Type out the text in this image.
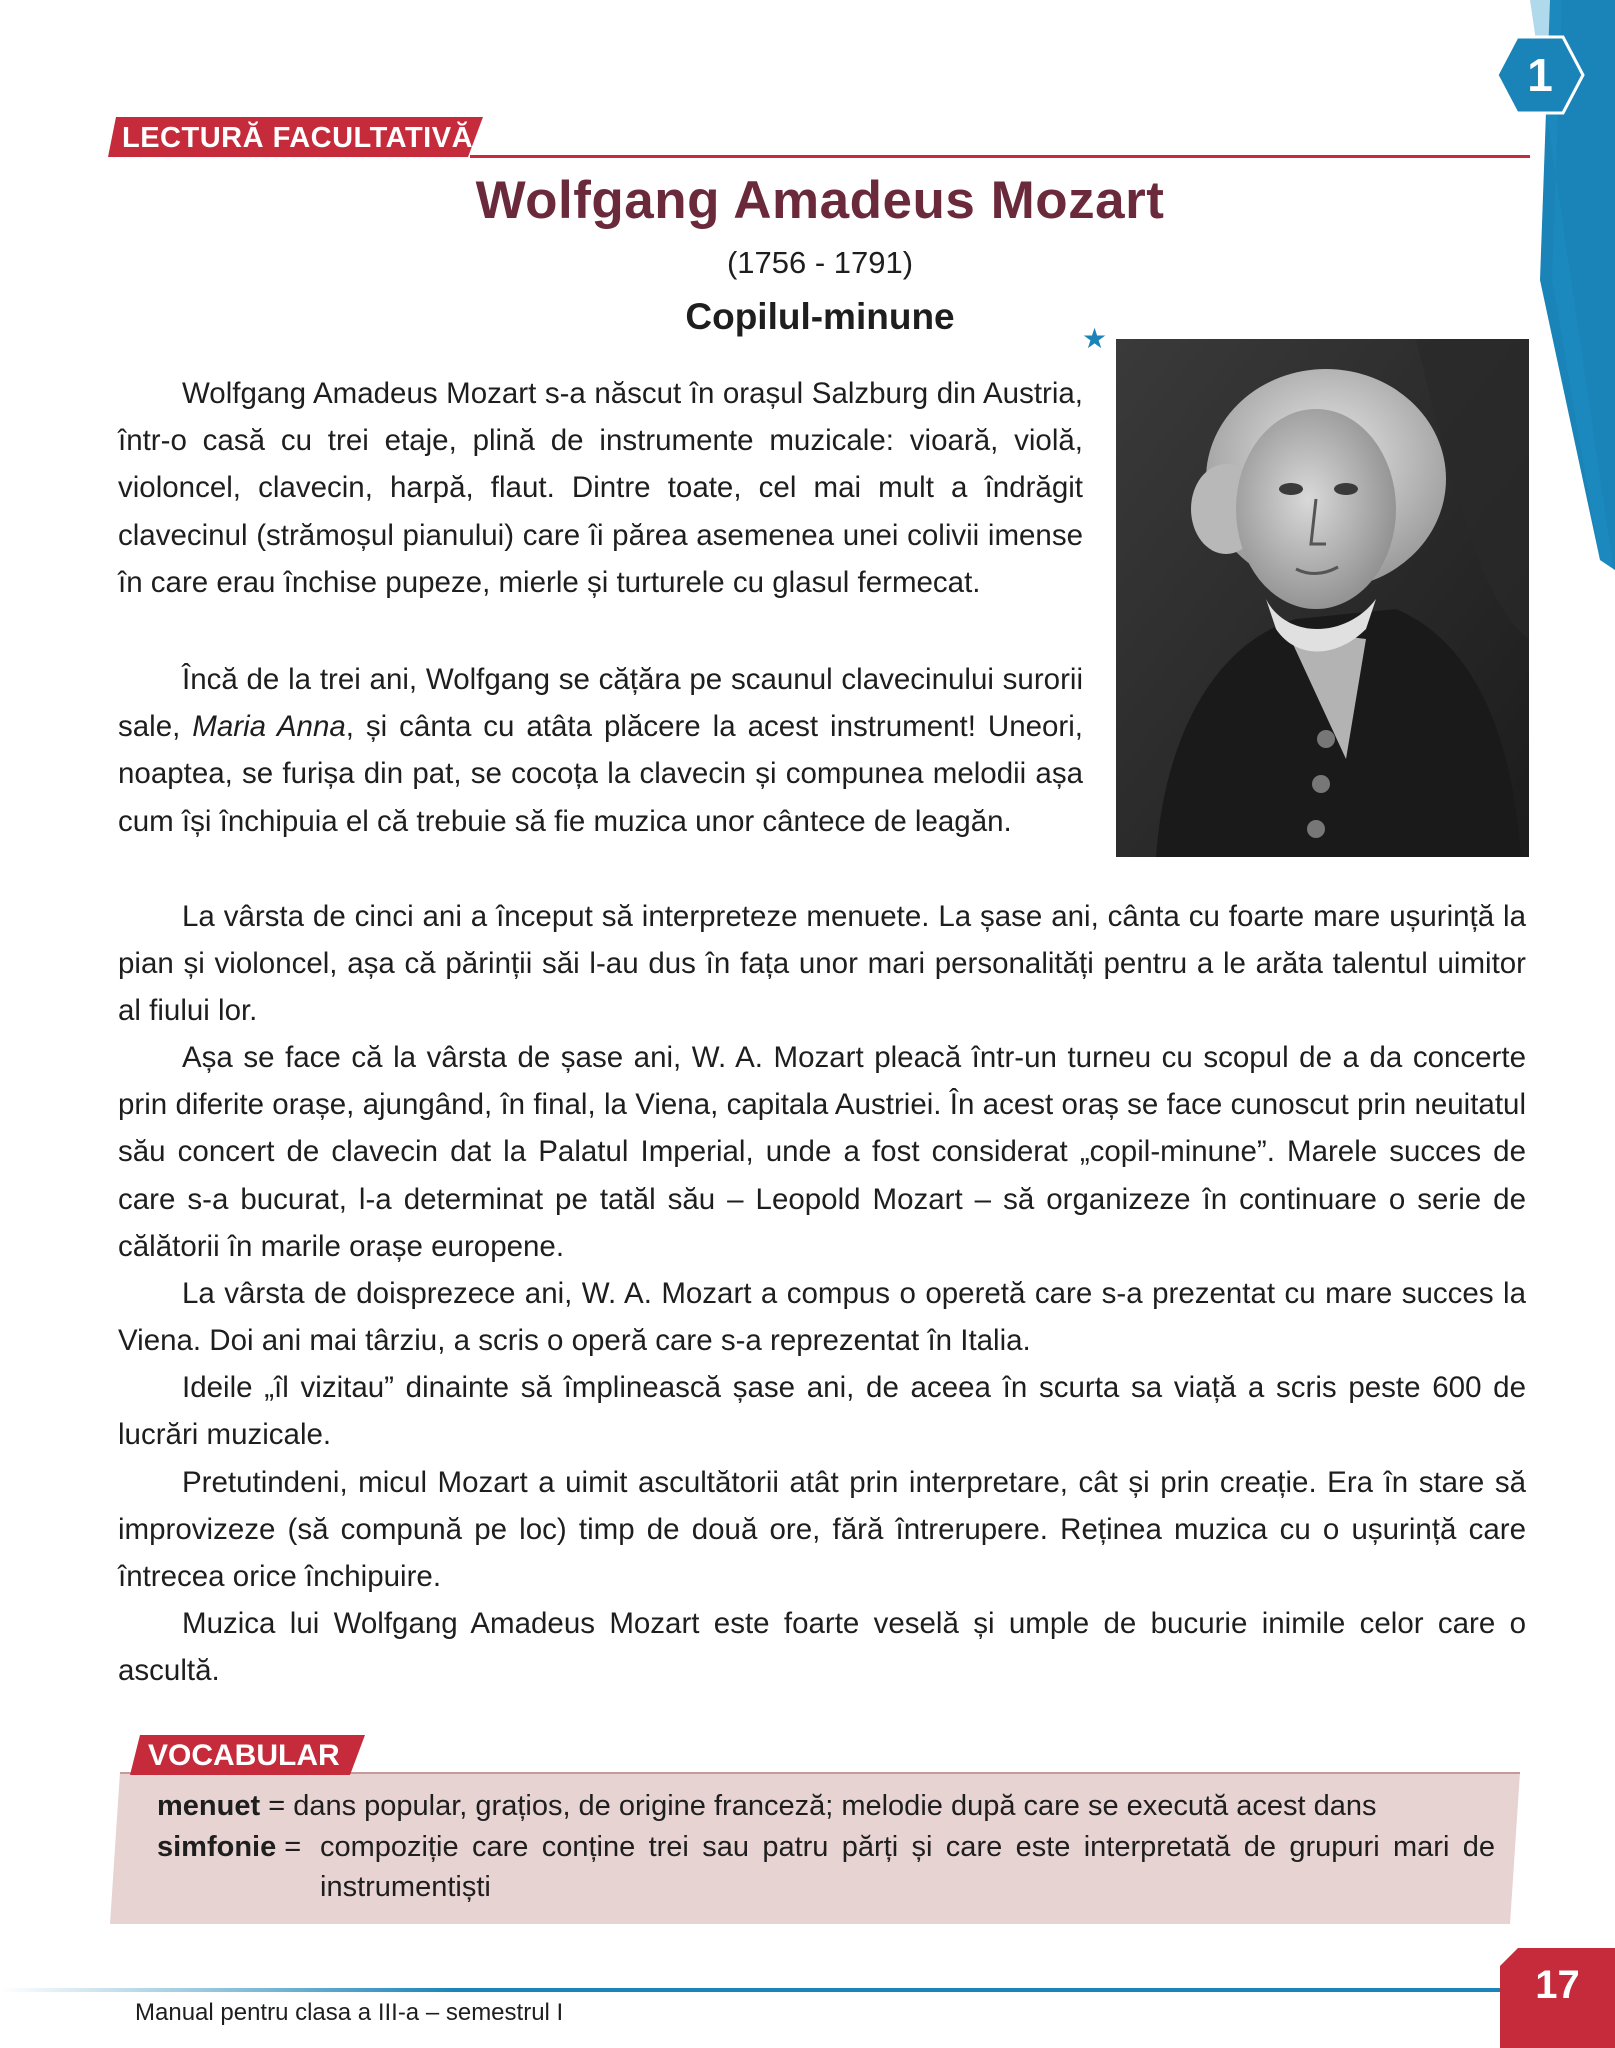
1
LECTURĂ FACULTATIVĂ
Wolfgang Amadeus Mozart
(1756 - 1791)
Copilul-minune
★

Wolfgang Amadeus Mozart s-a născut în orașul Salzburg din Austria, într-o casă cu trei etaje, plină de instrumente muzicale: vioară, violă, violoncel, clavecin, harpă, flaut. Dintre toate, cel mai mult a îndrăgit clavecinul (strămoșul pianului) care îi părea asemenea unei colivii imense în care erau închise pupeze, mierle și turturele cu glasul fermecat.

Încă de la trei ani, Wolfgang se cățăra pe scaunul clavecinului surorii sale, Maria Anna, și cânta cu atâta plăcere la acest instrument! Uneori, noaptea, se furișa din pat, se cocoța la clavecin și compunea melodii așa cum își închipuia el că trebuie să fie muzica unor cântece de leagăn.

La vârsta de cinci ani a început să interpreteze menuete. La șase ani, cânta cu foarte mare ușurință la pian și violoncel, așa că părinții săi l-au dus în fața unor mari personalități pentru a le arăta talentul uimitor al fiului lor.

Așa se face că la vârsta de șase ani, W. A. Mozart pleacă într-un turneu cu scopul de a da concerte prin diferite orașe, ajungând, în final, la Viena, capitala Austriei. În acest oraș se face cunoscut prin neuitatul său concert de clavecin dat la Palatul Imperial, unde a fost considerat „copil-minune”. Marele succes de care s-a bucurat, l-a determinat pe tatăl său – Leopold Mozart – să organizeze în continuare o serie de călătorii în marile orașe europene.

La vârsta de doisprezece ani, W. A. Mozart a compus o operetă care s-a prezentat cu mare succes la Viena. Doi ani mai târziu, a scris o operă care s-a reprezentat în Italia.

Ideile „îl vizitau” dinainte să împlinească șase ani, de aceea în scurta sa viață a scris peste 600 de lucrări muzicale.

Pretutindeni, micul Mozart a uimit ascultătorii atât prin interpretare, cât și prin creație. Era în stare să improvizeze (să compună pe loc) timp de două ore, fără întrerupere. Reținea muzica cu o ușurință care întrecea orice închipuire.

Muzica lui Wolfgang Amadeus Mozart este foarte veselă și umple de bucurie inimile celor care o ascultă.

VOCABULAR
menuet = dans popular, grațios, de origine franceză; melodie după care se execută acest dans
simfonie = compoziție care conține trei sau patru părți și care este interpretată de grupuri mari de instrumentiști
Manual pentru clasa a III-a – semestrul I
17
